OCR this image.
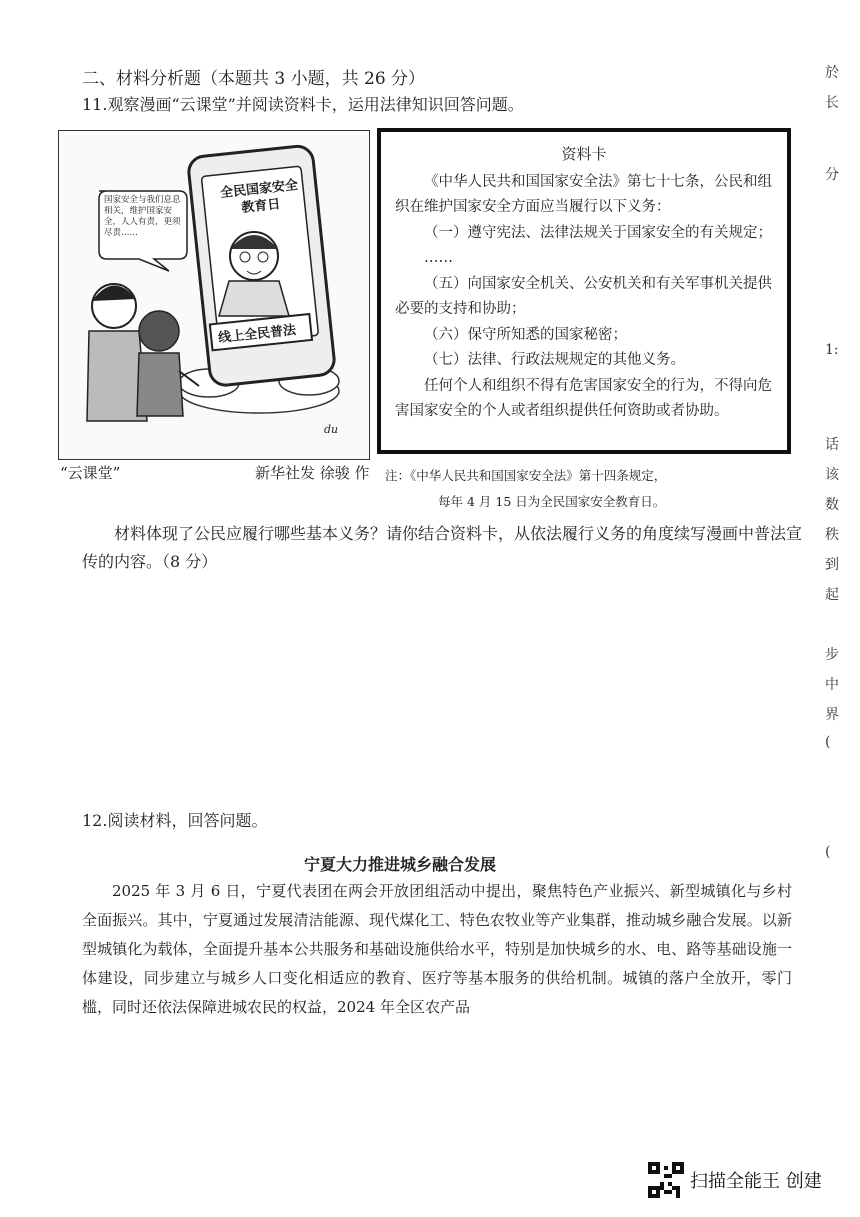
二、材料分析题（本题共 3 小题，共 26 分）
11.观察漫画“云课堂”并阅读资料卡，运用法律知识回答问题。
国家安全与我们息息相关，维护国家安全，人人有责，更须尽责……
全民国家安全教育日
线上全民普法
du
“云课堂”	新华社发 徐骏 作
资料卡

《中华人民共和国国家安全法》第七十七条，公民和组织在维护国家安全方面应当履行以下义务：

（一）遵守宪法、法律法规关于国家安全的有关规定；

……

（五）向国家安全机关、公安机关和有关军事机关提供必要的支持和协助；

（六）保守所知悉的国家秘密；

（七）法律、行政法规规定的其他义务。

任何个人和组织不得有危害国家安全的行为，不得向危害国家安全的个人或者组织提供任何资助或者协助。

注：《中华人民共和国国家安全法》第十四条规定，
每年 4 月 15 日为全民国家安全教育日。
材料体现了公民应履行哪些基本义务？请你结合资料卡，从依法履行义务的角度续写漫画中普法宣传的内容。（8 分）
12.阅读材料，回答问题。
宁夏大力推进城乡融合发展

2025 年 3 月 6 日，宁夏代表团在两会开放团组活动中提出，聚焦特色产业振兴、新型城镇化与乡村全面振兴。其中，宁夏通过发展清洁能源、现代煤化工、特色农牧业等产业集群，推动城乡融合发展。以新型城镇化为载体，全面提升基本公共服务和基础设施供给水平，特别是加快城乡的水、电、路等基础设施一体建设，同步建立与城乡人口变化相适应的教育、医疗等基本服务的供给机制。城镇的落户全放开，零门槛，同时还依法保障进城农民的权益，2024 年全区农产品

於
长
分
1:
话
该
数
秩
到
起
步
中
界
(
(
扫描全能王 创建
